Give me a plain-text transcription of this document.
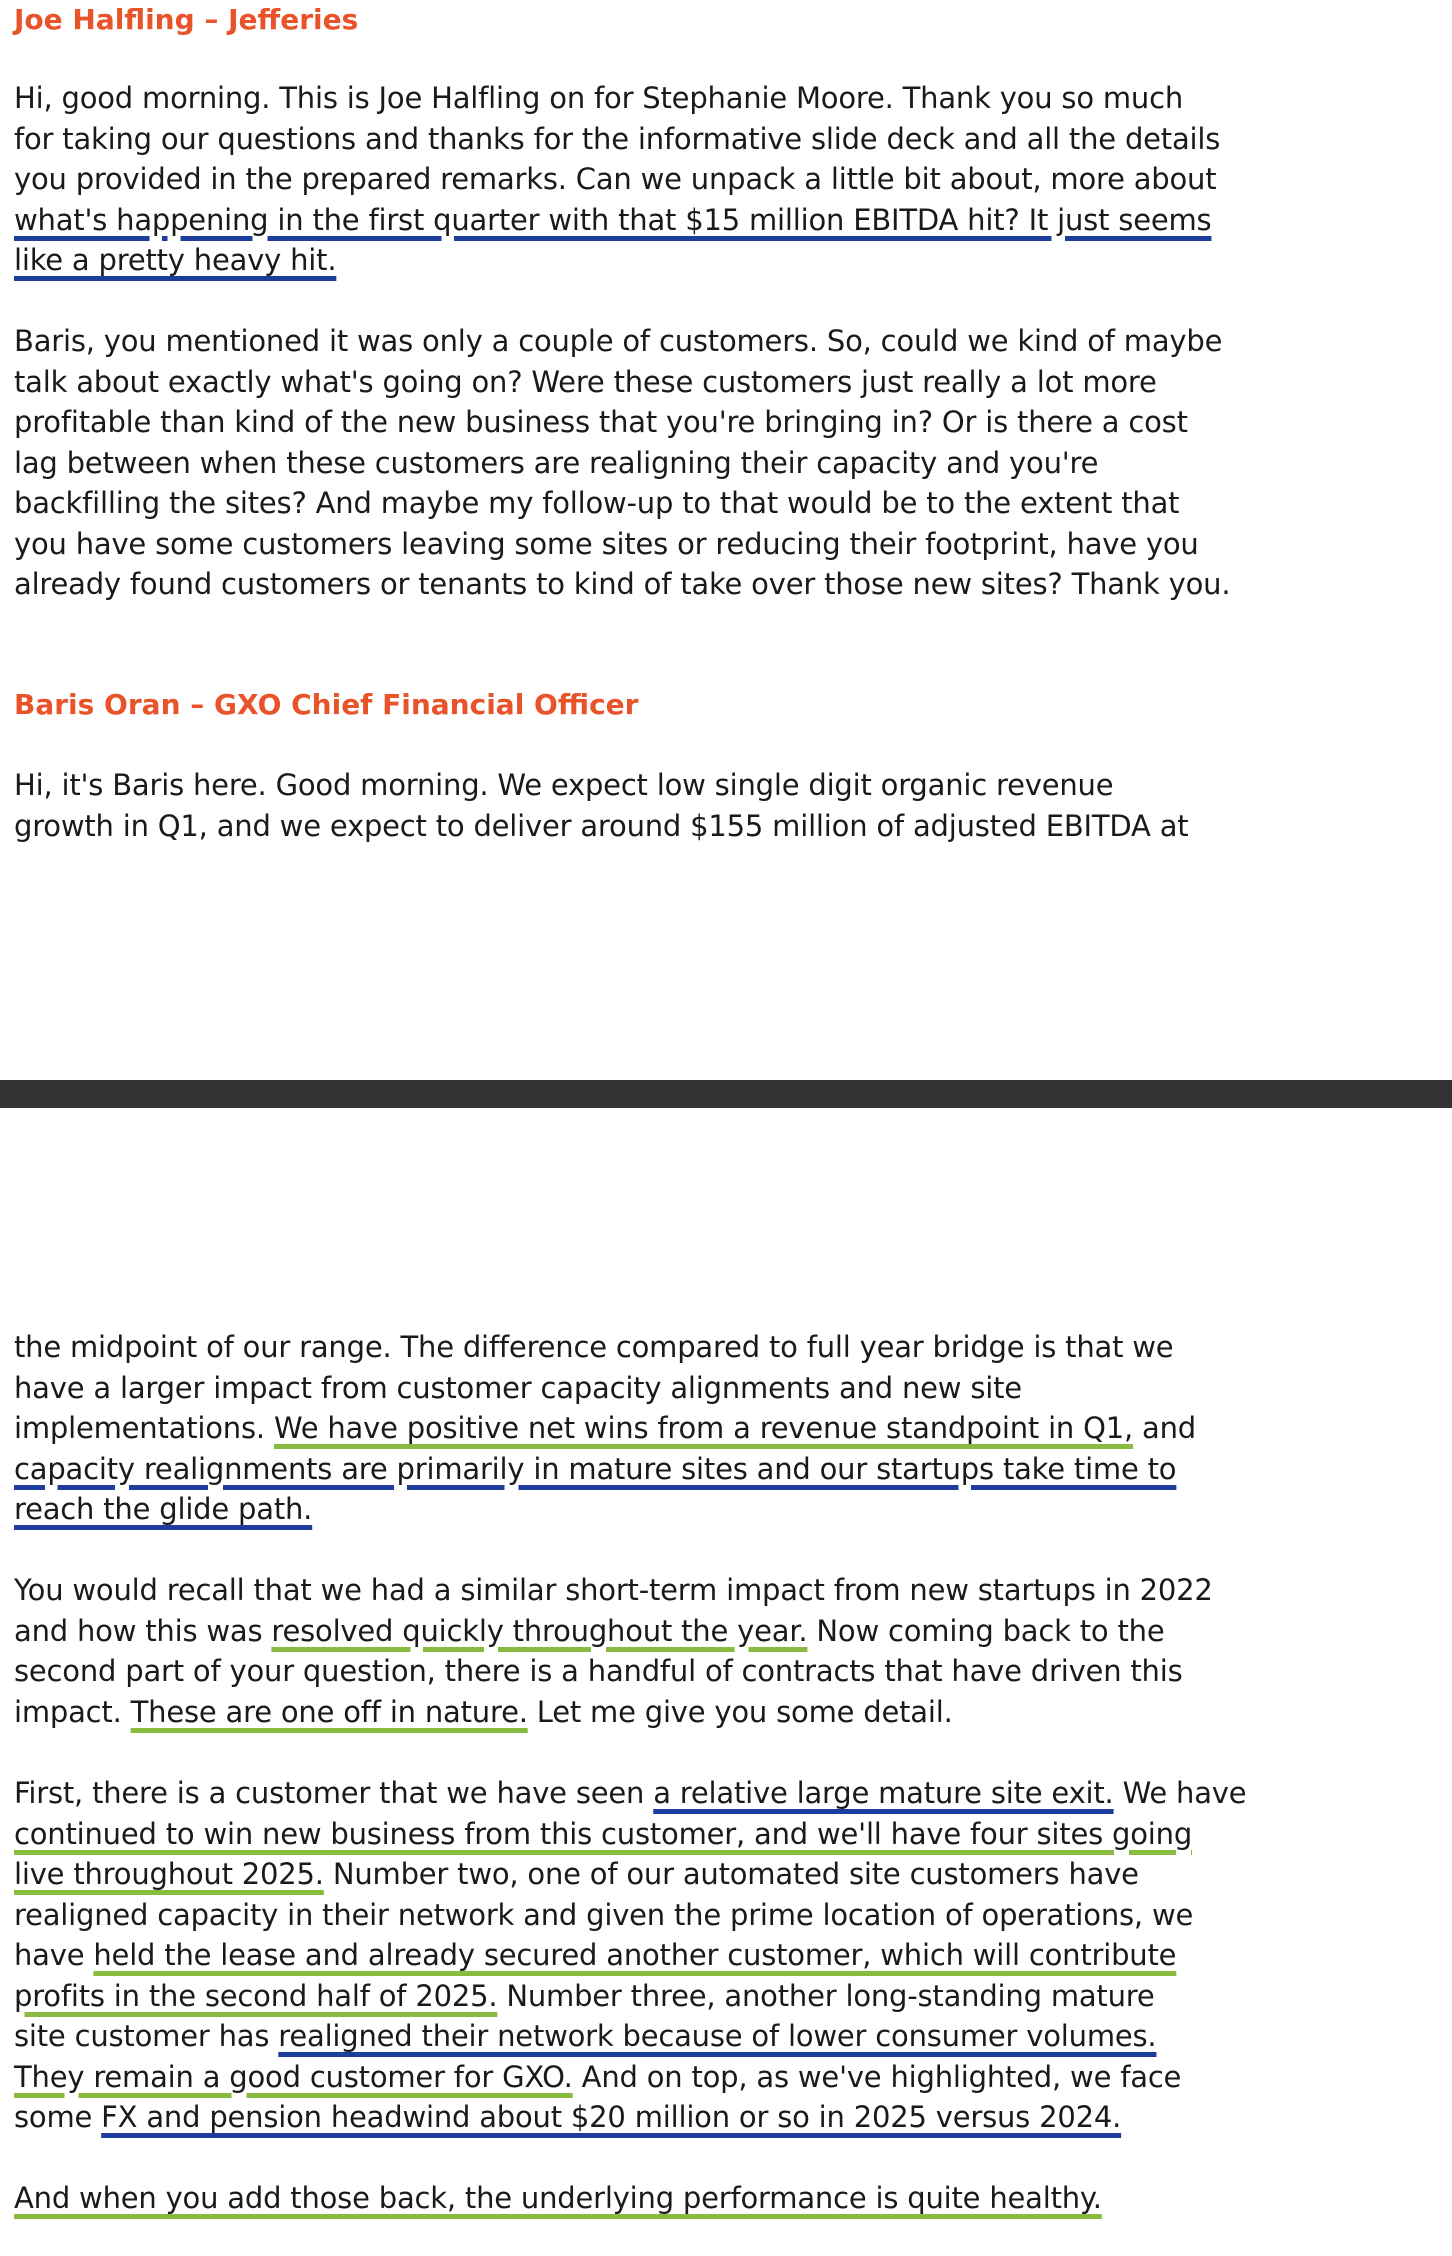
Joe Halfling – Jefferies
Hi, good morning. This is Joe Halfling on for Stephanie Moore. Thank you so much
for taking our questions and thanks for the informative slide deck and all the details
you provided in the prepared remarks. Can we unpack a little bit about, more about
what's happening in the first quarter with that $15 million EBITDA hit? It just seems
like a pretty heavy hit.
Baris, you mentioned it was only a couple of customers. So, could we kind of maybe
talk about exactly what's going on? Were these customers just really a lot more
profitable than kind of the new business that you're bringing in? Or is there a cost
lag between when these customers are realigning their capacity and you're
backfilling the sites? And maybe my follow-up to that would be to the extent that
you have some customers leaving some sites or reducing their footprint, have you
already found customers or tenants to kind of take over those new sites? Thank you.
Baris Oran – GXO Chief Financial Officer
Hi, it's Baris here. Good morning. We expect low single digit organic revenue
growth in Q1, and we expect to deliver around $155 million of adjusted EBITDA at
the midpoint of our range. The difference compared to full year bridge is that we
have a larger impact from customer capacity alignments and new site
implementations. We have positive net wins from a revenue standpoint in Q1, and
capacity realignments are primarily in mature sites and our startups take time to
reach the glide path.
You would recall that we had a similar short-term impact from new startups in 2022
and how this was resolved quickly throughout the year. Now coming back to the
second part of your question, there is a handful of contracts that have driven this
impact. These are one off in nature. Let me give you some detail.
First, there is a customer that we have seen a relative large mature site exit. We have
continued to win new business from this customer, and we'll have four sites going
live throughout 2025. Number two, one of our automated site customers have
realigned capacity in their network and given the prime location of operations, we
have held the lease and already secured another customer, which will contribute
profits in the second half of 2025. Number three, another long-standing mature
site customer has realigned their network because of lower consumer volumes.
They remain a good customer for GXO. And on top, as we've highlighted, we face
some FX and pension headwind about $20 million or so in 2025 versus 2024.
And when you add those back, the underlying performance is quite healthy.
